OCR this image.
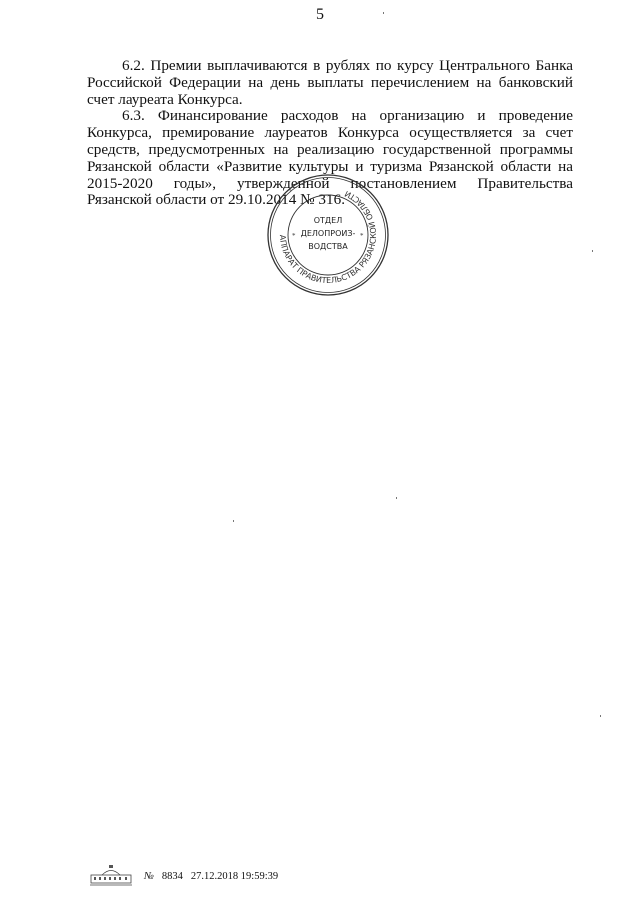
5

6.2. Премии выплачиваются в рублях по курсу Центрального Банка Российской Федерации на день выплаты перечислением на банковский счет лауреата Конкурса.

6.3. Финансирование расходов на организацию и проведение Конкурса, премирование лауреатов Конкурса осуществляется за счет средств, предусмотренных на реализацию государственной программы Рязанской области «Развитие культуры и туризма Рязанской области на 2015-2020 годы», утвержденной постановлением Правительства Рязанской области от 29.10.2014 № 316.

АППАРАТ ПРАВИТЕЛЬСТВА РЯЗАНСКОЙ ОБЛАСТИ
ОТДЕЛ
ДЕЛОПРОИЗ-
ВОДСТВА
*	*
№ 8834 27.12.2018 19:59:39
